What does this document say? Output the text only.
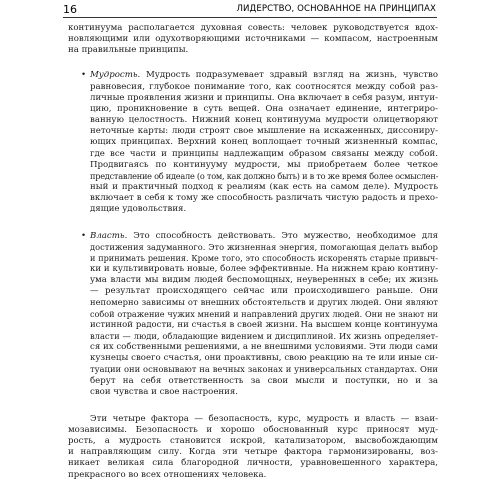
16	ЛИДЕРСТВО, ОСНОВАННОЕ НА ПРИНЦИПАХ
континуума располагается духовная совесть: человек руководствуется вдох-
новляющими или одухотворяющими источниками — компасом, настроенным
на правильные принципы.
• Мудрость. Мудрость подразумевает здравый взгляд на жизнь, чувство
равновесия, глубокое понимание того, как соотносятся между собой раз-
личные проявления жизни и принципы. Она включает в себя разум, интуи-
цию, проникновение в суть вещей. Она означает единение, интегриро-
ванную целостность. Нижний конец континуума мудрости олицетворяют
неточные карты: люди строят свое мышление на искаженных, диссониру-
ющих принципах. Верхний конец воплощает точный жизненный компас,
где все части и принципы надлежащим образом связаны между собой.
Продвигаясь по континууму мудрости, мы приобретаем более четкое
представление об идеале (о том, как должно быть) и в то же время более осмыслен-
ный и практичный подход к реалиям (как есть на самом деле). Мудрость
включает в себя к тому же способность различать чистую радость и прехо-
дящие удовольствия.
• Власть. Это способность действовать. Это мужество, необходимое для
достижения задуманного. Это жизненная энергия, помогающая делать выбор
и принимать решения. Кроме того, это способность искоренять старые привыч-
ки и культивировать новые, более эффективные. На нижнем краю контину-
ума власти мы видим людей беспомощных, неуверенных в себе; их жизнь
— результат происходящего сейчас или происходившего раньше. Они
непомерно зависимы от внешних обстоятельств и других людей. Они являют
собой отражение чужих мнений и направлений других людей. Они не знают ни
истинной радости, ни счастья в своей жизни. На высшем конце континуума
власти — люди, обладающие видением и дисциплиной. Их жизнь определяет-
ся их собственными решениями, а не внешними условиями. Эти люди сами
кузнецы своего счастья, они проактивны, свою реакцию на те или иные си-
туации они основывают на вечных законах и универсальных стандартах. Они
берут на себя ответственность за свои мысли и поступки, но и за
свои чувства и свое настроения.
Эти четыре фактора — безопасность, курс, мудрость и власть — взаи-
мозависимы. Безопасность и хорошо обоснованный курс приносят муд-
рость, а мудрость становится искрой, катализатором, высвобождающим
и направляющим силу. Когда эти четыре фактора гармонизированы, воз-
никает великая сила благородной личности, уравновешенного характера,
прекрасного во всех отношениях человека.
